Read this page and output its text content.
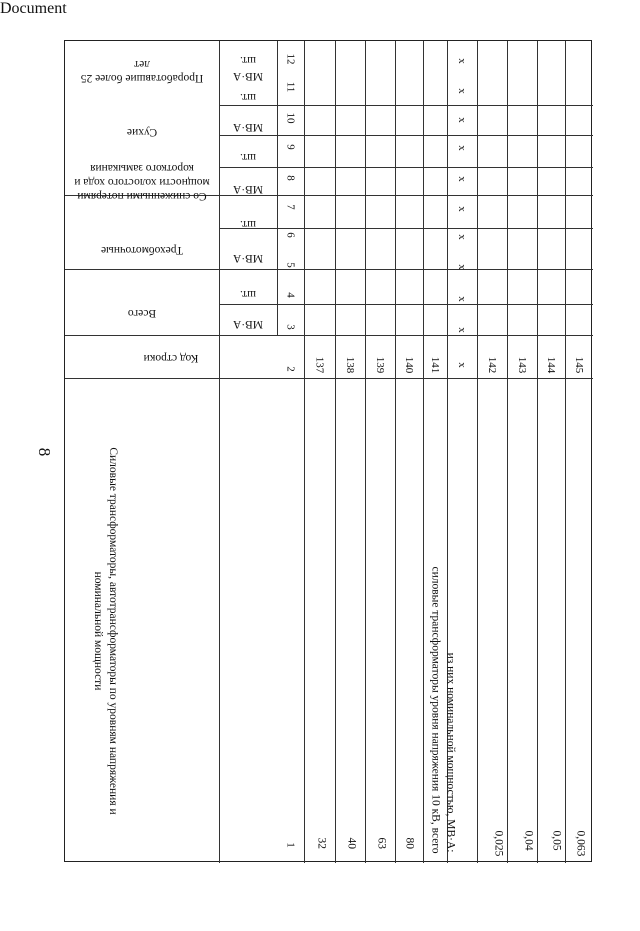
Document
8
Всего
Трехобмоточные
Со сниженными потерями
мощности холостого хода и
короткого замыкания
Сухие
Проработавшие более 25
лет
Код строки
МВ·А
шт.
МВ·А
шт.
МВ·А
шт.
МВ·А
шт.
МВ·А
шт.
Силовые трансформаторы, автотрансформаторы по уровням напряжения и
номинальной мощности
1
2
3
4
5
6
7
8
9
10
11
12
32 40 63 80 силовые трансформаторы уровня напряжения 10 кВ, всего из них номинальной мощностью, МВ·А:	0,025 0,04 0,05 0,063
137 138 139 140 141 x 142 143 144 145
x
x
x
x
x
x
x
x
x
x
